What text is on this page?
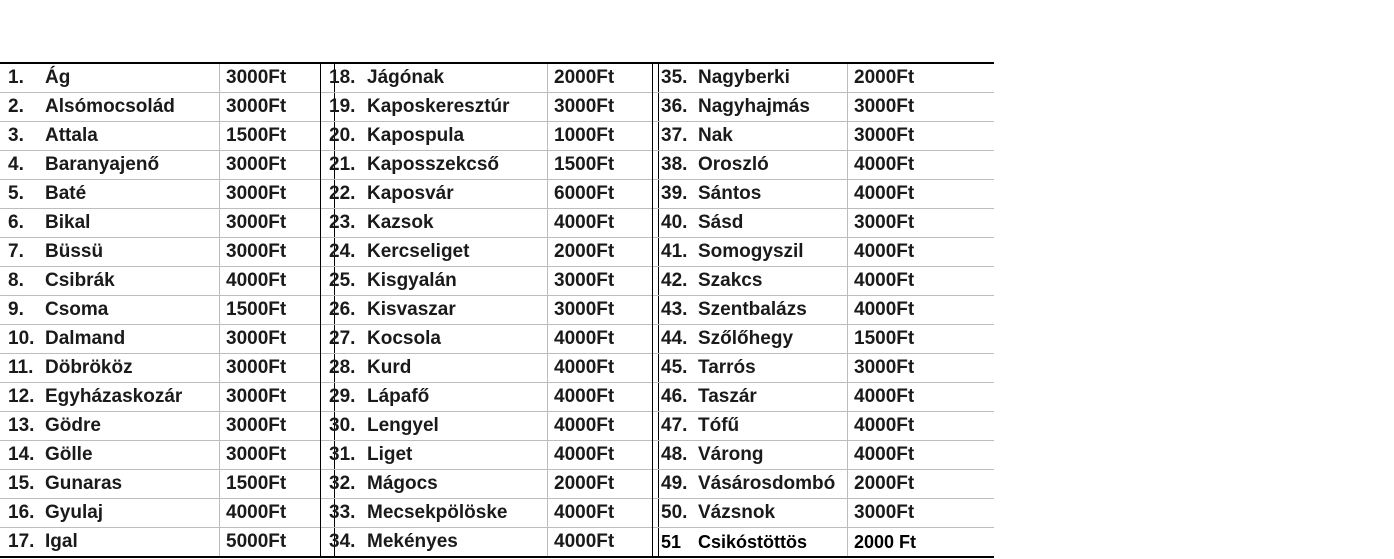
1.	Ág	3000Ft
2.	Alsómocsolád	3000Ft
3.	Attala	1500Ft
4.	Baranyajenő	3000Ft
5.	Baté	3000Ft
6.	Bikal	3000Ft
7.	Büssü	3000Ft
8.	Csibrák	4000Ft
9.	Csoma	1500Ft
10.	Dalmand	3000Ft
11.	Döbrököz	3000Ft
12.	Egyházaskozár	3000Ft
13.	Gödre	3000Ft
14.	Gölle	3000Ft
15.	Gunaras	1500Ft
16.	Gyulaj	4000Ft
17.	Igal	5000Ft
18.	Jágónak	2000Ft
19.	Kaposkeresztúr	3000Ft
20.	Kapospula	1000Ft
21.	Kaposszekcső	1500Ft
22.	Kaposvár	6000Ft
23.	Kazsok	4000Ft
24.	Kercseliget	2000Ft
25.	Kisgyalán	3000Ft
26.	Kisvaszar	3000Ft
27.	Kocsola	4000Ft
28.	Kurd	4000Ft
29.	Lápafő	4000Ft
30.	Lengyel	4000Ft
31.	Liget	4000Ft
32.	Mágocs	2000Ft
33.	Mecsekpölöske	4000Ft
34.	Mekényes	4000Ft
35.	Nagyberki	2000Ft
36.	Nagyhajmás	3000Ft
37.	Nak	3000Ft
38.	Oroszló	4000Ft
39.	Sántos	4000Ft
40.	Sásd	3000Ft
41.	Somogyszil	4000Ft
42.	Szakcs	4000Ft
43.	Szentbalázs	4000Ft
44.	Szőlőhegy	1500Ft
45.	Tarrós	3000Ft
46.	Taszár	4000Ft
47.	Tófű	4000Ft
48.	Várong	4000Ft
49.	Vásárosdombó	2000Ft
50.	Vázsnok	3000Ft
51	Csikóstöttös	2000 Ft
